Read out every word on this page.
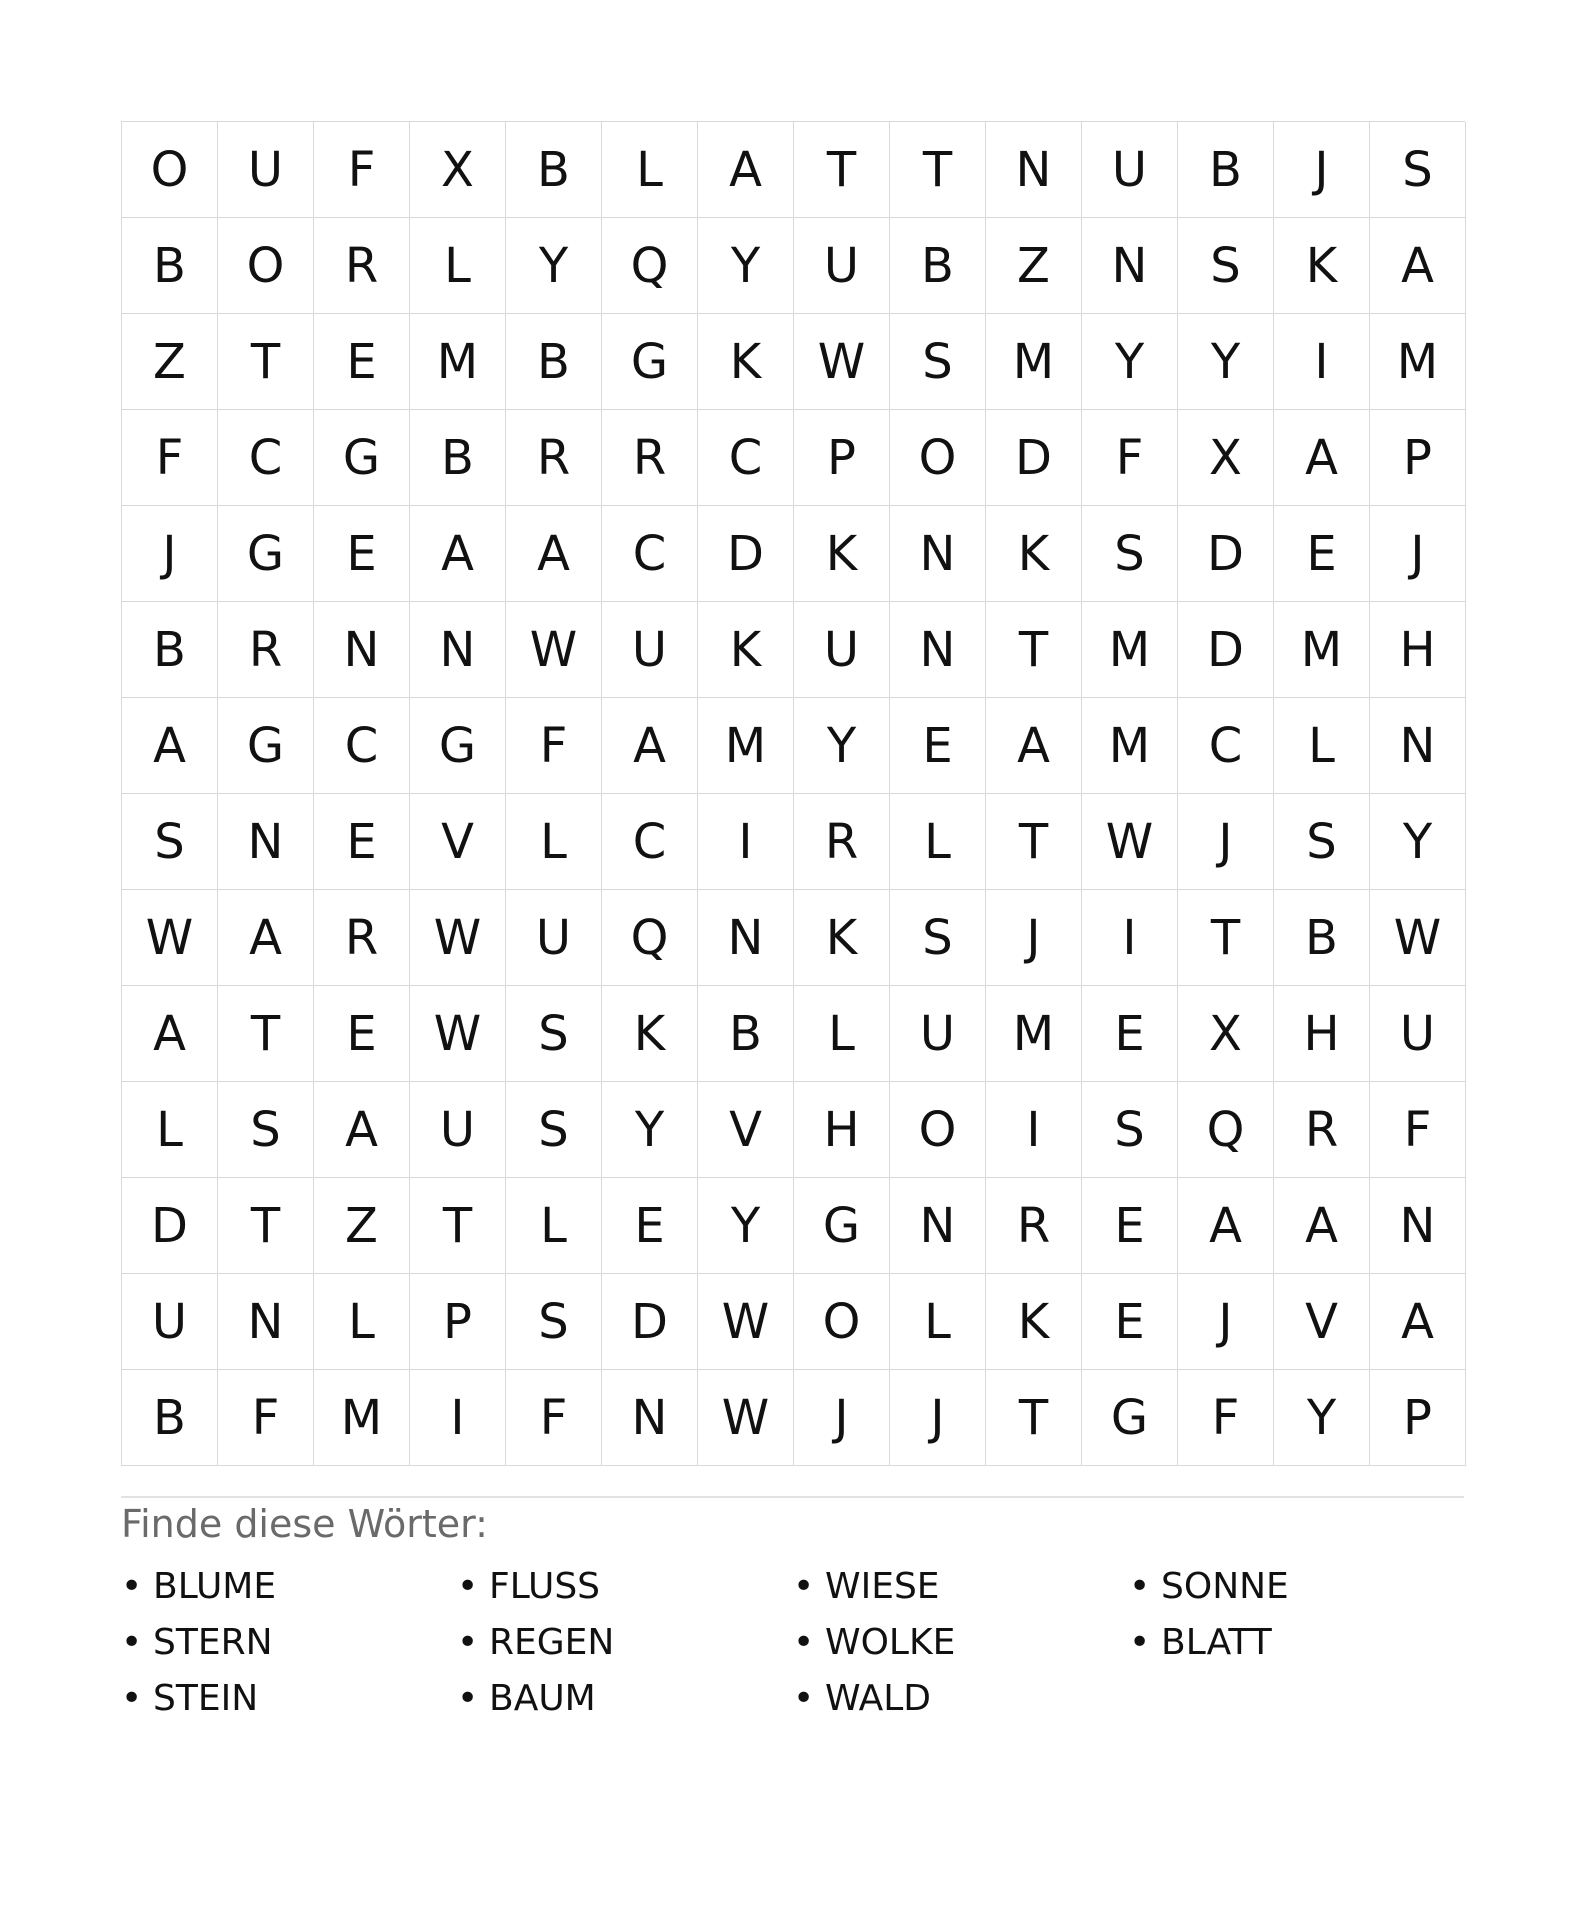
O	U	F	X	B	L	A	T	T	N	U	B	J	S
B	O	R	L	Y	Q	Y	U	B	Z	N	S	K	A
Z	T	E	M	B	G	K	W	S	M	Y	Y	I	M
F	C	G	B	R	R	C	P	O	D	F	X	A	P
J	G	E	A	A	C	D	K	N	K	S	D	E	J
B	R	N	N	W	U	K	U	N	T	M	D	M	H
A	G	C	G	F	A	M	Y	E	A	M	C	L	N
S	N	E	V	L	C	I	R	L	T	W	J	S	Y
W	A	R	W	U	Q	N	K	S	J	I	T	B	W
A	T	E	W	S	K	B	L	U	M	E	X	H	U
L	S	A	U	S	Y	V	H	O	I	S	Q	R	F
D	T	Z	T	L	E	Y	G	N	R	E	A	A	N
U	N	L	P	S	D	W	O	L	K	E	J	V	A
B	F	M	I	F	N	W	J	J	T	G	F	Y	P
Finde diese Wörter:
• BLUME
• STERN
• STEIN
• FLUSS
• REGEN
• BAUM
• WIESE
• WOLKE
• WALD
• SONNE
• BLATT
